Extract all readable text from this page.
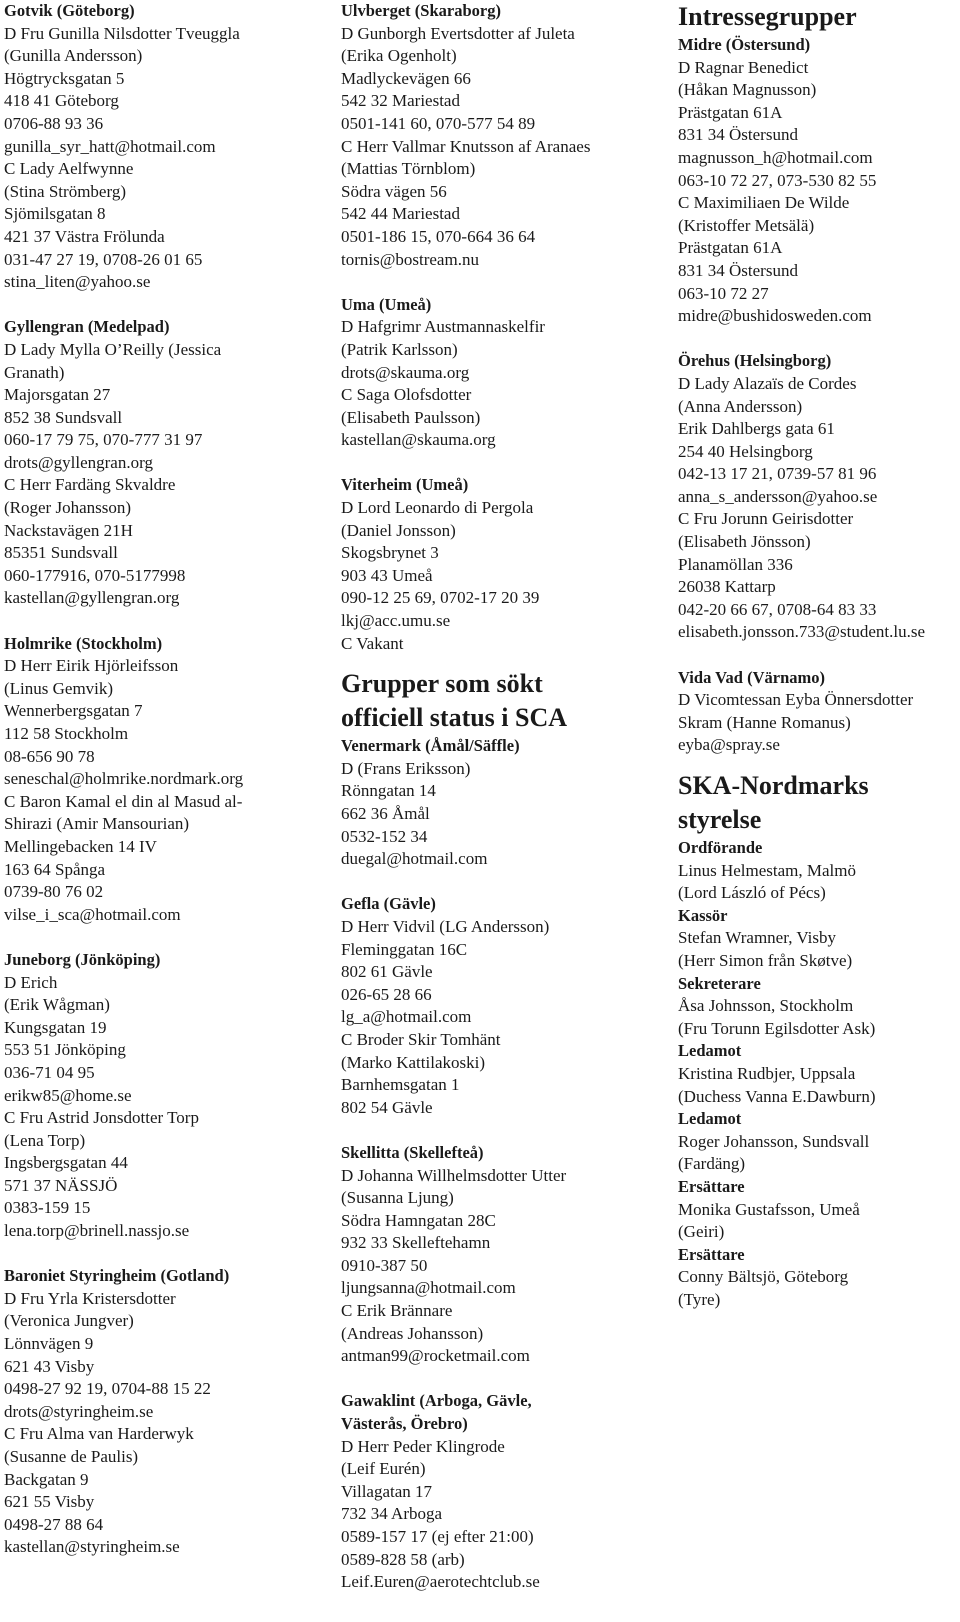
Gotvik (Göteborg)
D Fru Gunilla Nilsdotter Tveuggla
(Gunilla Andersson)
Högtrycksgatan 5
418 41 Göteborg
0706-88 93 36
gunilla_syr_hatt@hotmail.com
C Lady Aelfwynne
(Stina Strömberg)
Sjömilsgatan 8
421 37 Västra Frölunda
031-47 27 19, 0708-26 01 65
stina_liten@yahoo.se
Gyllengran (Medelpad)
D Lady Mylla O’Reilly (Jessica
Granath)
Majorsgatan 27
852 38 Sundsvall
060-17 79 75, 070-777 31 97
drots@gyllengran.org
C Herr Fardäng Skvaldre
(Roger Johansson)
Nackstavägen 21H
85351 Sundsvall
060-177916, 070-5177998
kastellan@gyllengran.org
Holmrike (Stockholm)
D Herr Eirik Hjörleifsson
(Linus Gemvik)
Wennerbergsgatan 7
112 58 Stockholm
08-656 90 78
seneschal@holmrike.nordmark.org
C Baron Kamal el din al Masud al-
Shirazi (Amir Mansourian)
Mellingebacken 14 IV
163 64 Spånga
0739-80 76 02
vilse_i_sca@hotmail.com
Juneborg (Jönköping)
D Erich
(Erik Wågman)
Kungsgatan 19
553 51 Jönköping
036-71 04 95
erikw85@home.se
C Fru Astrid Jonsdotter Torp
(Lena Torp)
Ingsbergsgatan 44
571 37 NÄSSJÖ
0383-159 15
lena.torp@brinell.nassjo.se
Baroniet Styringheim (Gotland)
D Fru Yrla Kristersdotter
(Veronica Jungver)
Lönnvägen 9
621 43 Visby
0498-27 92 19, 0704-88 15 22
drots@styringheim.se
C Fru Alma van Harderwyk
(Susanne de Paulis)
Backgatan 9
621 55 Visby
0498-27 88 64
kastellan@styringheim.se
Ulvberget (Skaraborg)
D Gunborgh Evertsdotter af Juleta
(Erika Ogenholt)
Madlyckevägen 66
542 32 Mariestad
0501-141 60, 070-577 54 89
C Herr Vallmar Knutsson af Aranaes
(Mattias Törnblom)
Södra vägen 56
542 44 Mariestad
0501-186 15, 070-664 36 64
tornis@bostream.nu
Uma (Umeå)
D Hafgrimr Austmannaskelfir
(Patrik Karlsson)
drots@skauma.org
C Saga Olofsdotter
(Elisabeth Paulsson)
kastellan@skauma.org
Viterheim (Umeå)
D Lord Leonardo di Pergola
(Daniel Jonsson)
Skogsbrynet 3
903 43 Umeå
090-12 25 69, 0702-17 20 39
lkj@acc.umu.se
C Vakant
Grupper som sökt
officiell status i SCA
Venermark (Åmål/Säffle)
D (Frans Eriksson)
Rönngatan 14
662 36 Åmål
0532-152 34
duegal@hotmail.com
Gefla (Gävle)
D Herr Vidvil (LG Andersson)
Fleminggatan 16C
802 61 Gävle
026-65 28 66
lg_a@hotmail.com
C Broder Skir Tomhänt
(Marko Kattilakoski)
Barnhemsgatan 1
802 54 Gävle
Skellitta (Skellefteå)
D Johanna Willhelmsdotter Utter
(Susanna Ljung)
Södra Hamngatan 28C
932 33 Skelleftehamn
0910-387 50
ljungsanna@hotmail.com
C Erik Brännare
(Andreas Johansson)
antman99@rocketmail.com
Gawaklint (Arboga, Gävle,
Västerås, Örebro)
D Herr Peder Klingrode
(Leif Eurén)
Villagatan 17
732 34 Arboga
0589-157 17 (ej efter 21:00)
0589-828 58 (arb)
Leif.Euren@aerotechtclub.se
Intressegrupper
Midre (Östersund)
D Ragnar Benedict
(Håkan Magnusson)
Prästgatan 61A
831 34 Östersund
magnusson_h@hotmail.com
063-10 72 27, 073-530 82 55
C Maximiliaen De Wilde
(Kristoffer Metsälä)
Prästgatan 61A
831 34 Östersund
063-10 72 27
midre@bushidosweden.com
Örehus (Helsingborg)
D Lady Alazaïs de Cordes
(Anna Andersson)
Erik Dahlbergs gata 61
254 40 Helsingborg
042-13 17 21, 0739-57 81 96
anna_s_andersson@yahoo.se
C Fru Jorunn Geirisdotter
(Elisabeth Jönsson)
Planamöllan 336
26038 Kattarp
042-20 66 67, 0708-64 83 33
elisabeth.jonsson.733@student.lu.se
Vida Vad (Värnamo)
D Vicomtessan Eyba Önnersdotter
Skram (Hanne Romanus)
eyba@spray.se
SKA-Nordmarks
styrelse
Ordförande
Linus Helmestam, Malmö
(Lord László of Pécs)
Kassör
Stefan Wramner, Visby
(Herr Simon från Skøtve)
Sekreterare
Åsa Johnsson, Stockholm
(Fru Torunn Egilsdotter Ask)
Ledamot
Kristina Rudbjer, Uppsala
(Duchess Vanna E.Dawburn)
Ledamot
Roger Johansson, Sundsvall
(Fardäng)
Ersättare
Monika Gustafsson, Umeå
(Geiri)
Ersättare
Conny Bältsjö, Göteborg
(Tyre)
